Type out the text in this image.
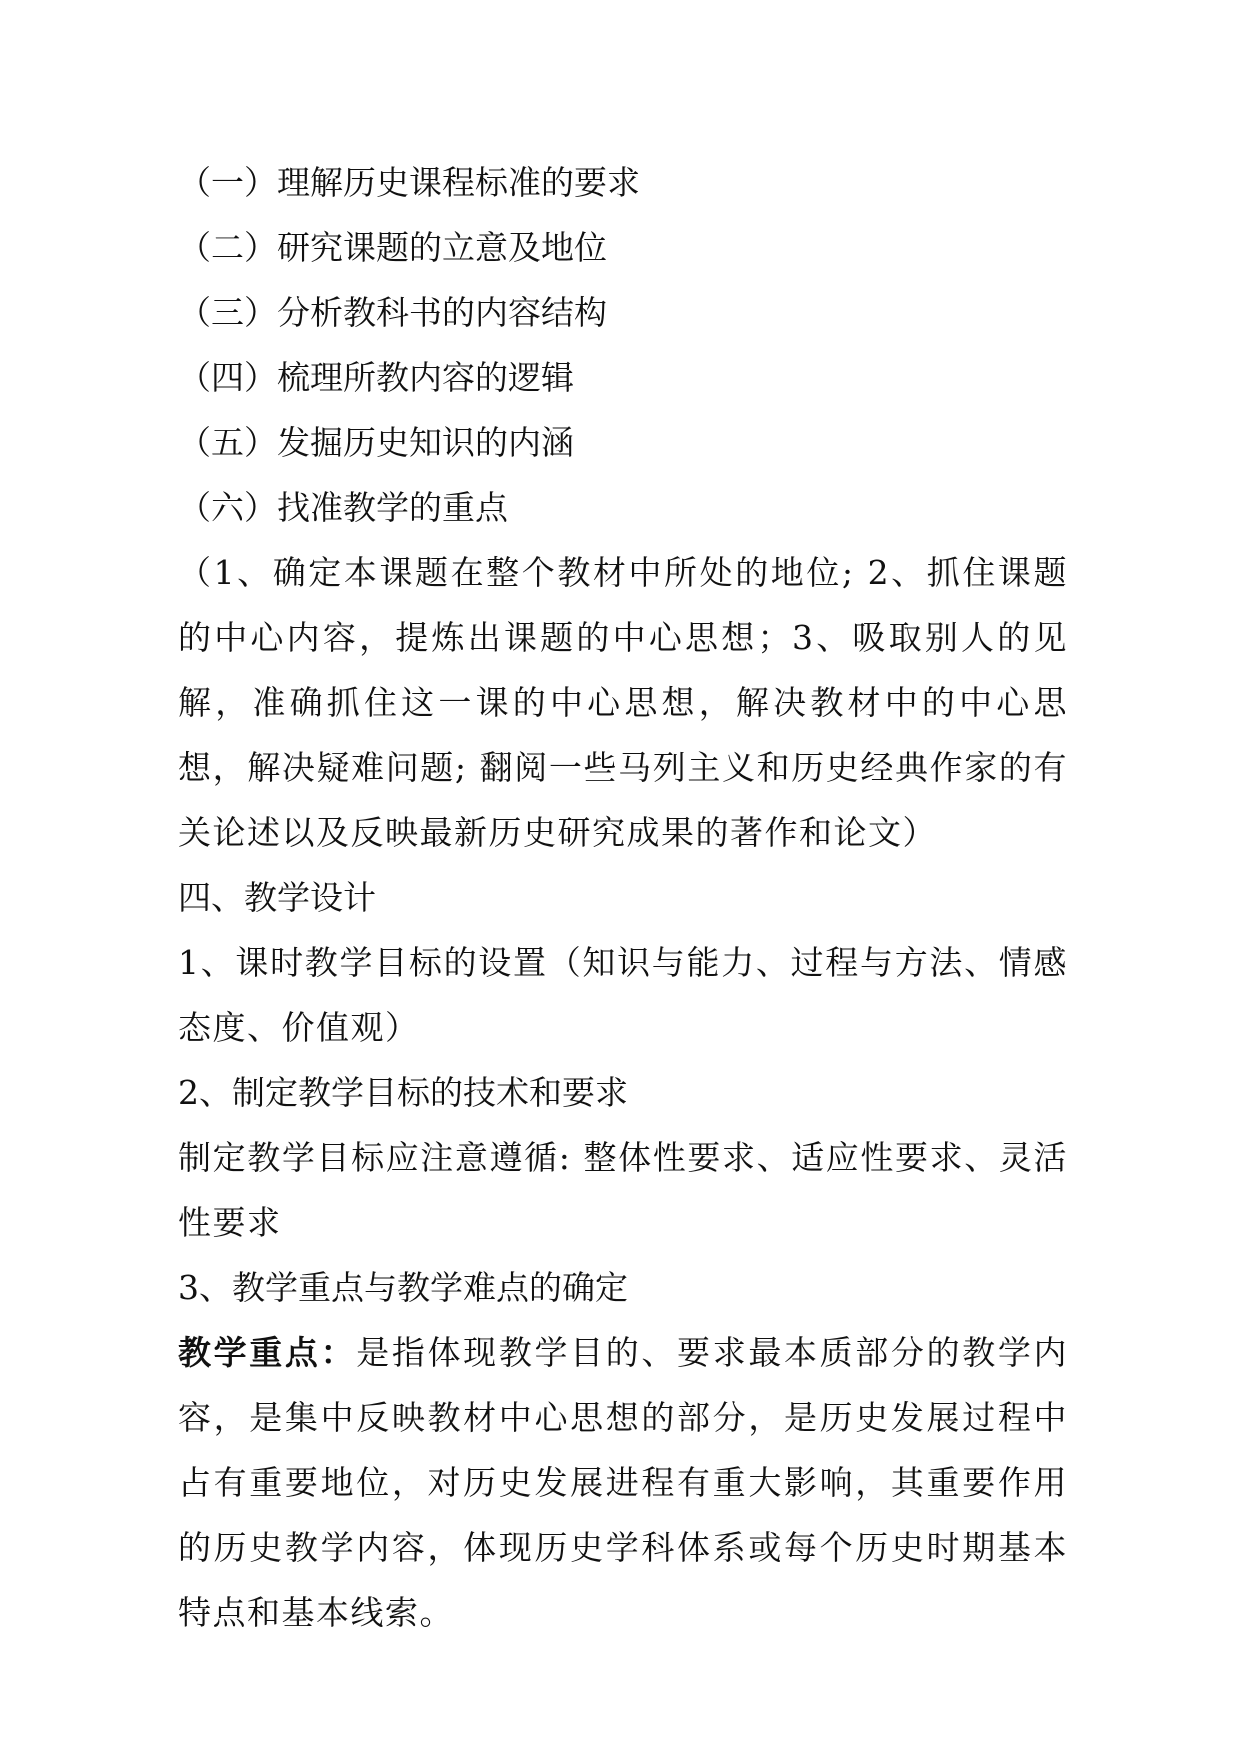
（一）理解历史课程标准的要求
（二）研究课题的立意及地位
（三）分析教科书的内容结构
（四）梳理所教内容的逻辑
（五）发掘历史知识的内涵
（六）找准教学的重点
（1、确定本课题在整个教材中所处的地位; 2、抓住课题的中心内容，提炼出课题的中心思想；3、吸取别人的见解，准确抓住这一课的中心思想，解决教材中的中心思想，解决疑难问题; 翻阅一些马列主义和历史经典作家的有关论述以及反映最新历史研究成果的著作和论文）
四、教学设计
1、课时教学目标的设置（知识与能力、过程与方法、情感态度、价值观）
2、制定教学目标的技术和要求
制定教学目标应注意遵循: 整体性要求、适应性要求、灵活性要求
3、教学重点与教学难点的确定
教学重点：是指体现教学目的、要求最本质部分的教学内容，是集中反映教材中心思想的部分，是历史发展过程中占有重要地位，对历史发展进程有重大影响，其重要作用的历史教学内容，体现历史学科体系或每个历史时期基本特点和基本线索。
